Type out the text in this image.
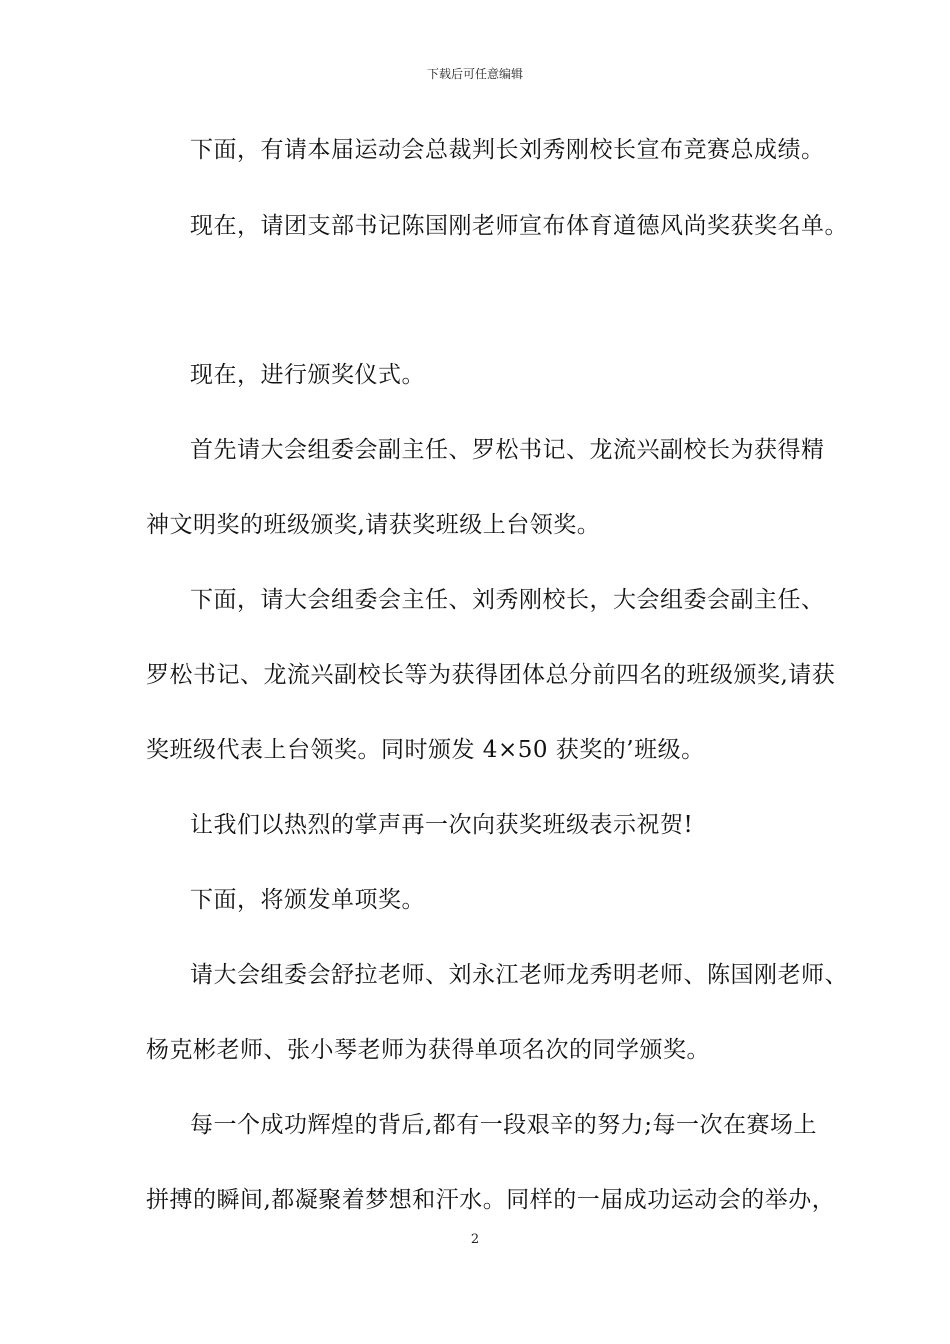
下载后可任意编辑
下面，有请本届运动会总裁判长刘秀刚校长宣布竞赛总成绩。
现在，请团支部书记陈国刚老师宣布体育道德风尚奖获奖名单。
现在，进行颁奖仪式。
首先请大会组委会副主任、罗松书记、龙流兴副校长为获得精
神文明奖的班级颁奖,请获奖班级上台领奖。
下面，请大会组委会主任、刘秀刚校长，大会组委会副主任、
罗松书记、龙流兴副校长等为获得团体总分前四名的班级颁奖,请获
奖班级代表上台领奖。同时颁发 4×50 获奖的’班级。
让我们以热烈的掌声再一次向获奖班级表示祝贺!
下面，将颁发单项奖。
请大会组委会舒拉老师、刘永江老师龙秀明老师、陈国刚老师、
杨克彬老师、张小琴老师为获得单项名次的同学颁奖。
每一个成功辉煌的背后,都有一段艰辛的努力;每一次在赛场上
拼搏的瞬间,都凝聚着梦想和汗水。同样的一届成功运动会的举办，
2
